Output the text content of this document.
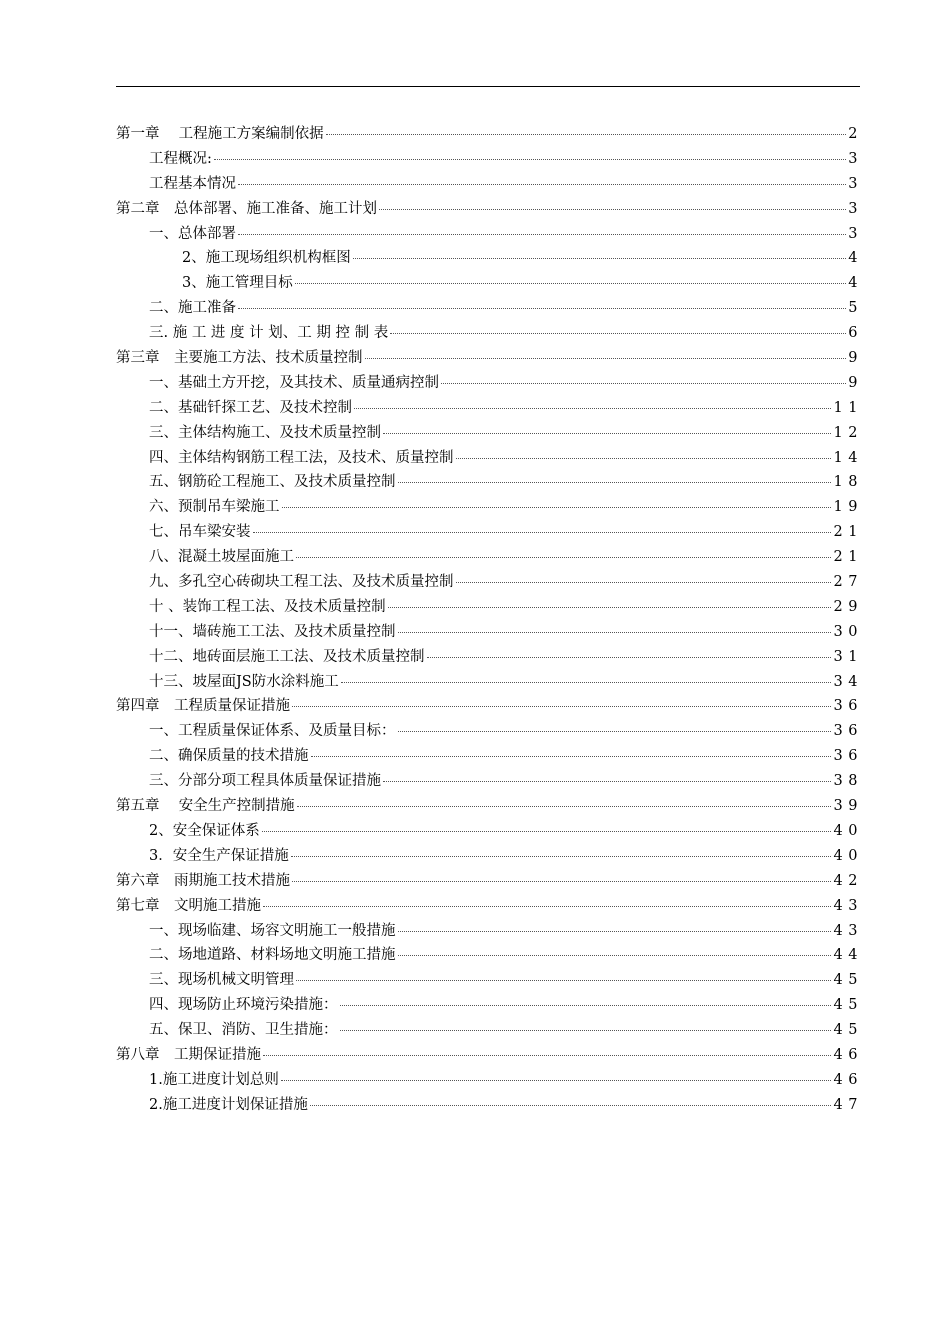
第一章　 工程施工方案编制依据	2
工程概况:	3
工程基本情况	3
第二章　总体部署、施工准备、施工计划	3
一、总体部署	3
2、施工现场组织机构框图	4
3、施工管理目标	4
二、施工准备	5
三. 施 工 进 度 计 划、工 期 控 制 表	6
第三章　主要施工方法、技术质量控制	9
一、基础土方开挖，及其技术、质量通病控制	9
二、基础钎探工艺、及技术控制	1 1
三、主体结构施工、及技术质量控制	1 2
四、主体结构钢筋工程工法，及技术、质量控制	1 4
五、钢筋砼工程施工、及技术质量控制	1 8
六、预制吊车梁施工	1 9
七、吊车梁安装	2 1
八、混凝土坡屋面施工	2 1
九、多孔空心砖砌块工程工法、及技术质量控制	2 7
十 、装饰工程工法、及技术质量控制	2 9
十一、墙砖施工工法、及技术质量控制	3 0
十二、地砖面层施工工法、及技术质量控制	3 1
十三、坡屋面JS防水涂料施工	3 4
第四章　工程质量保证措施	3 6
一、工程质量保证体系、及质量目标：	3 6
二、确保质量的技术措施	3 6
三、分部分项工程具体质量保证措施	3 8
第五章　 安全生产控制措施	3 9
2、安全保证体系	4 0
3．安全生产保证措施	4 0
第六章　雨期施工技术措施	4 2
第七章　文明施工措施	4 3
一、现场临建、场容文明施工一般措施	4 3
二、场地道路、材料场地文明施工措施	4 4
三、现场机械文明管理	4 5
四、现场防止环境污染措施：	4 5
五、保卫、消防、卫生措施：	4 5
第八章　工期保证措施	4 6
1.施工进度计划总则	4 6
2.施工进度计划保证措施	4 7
